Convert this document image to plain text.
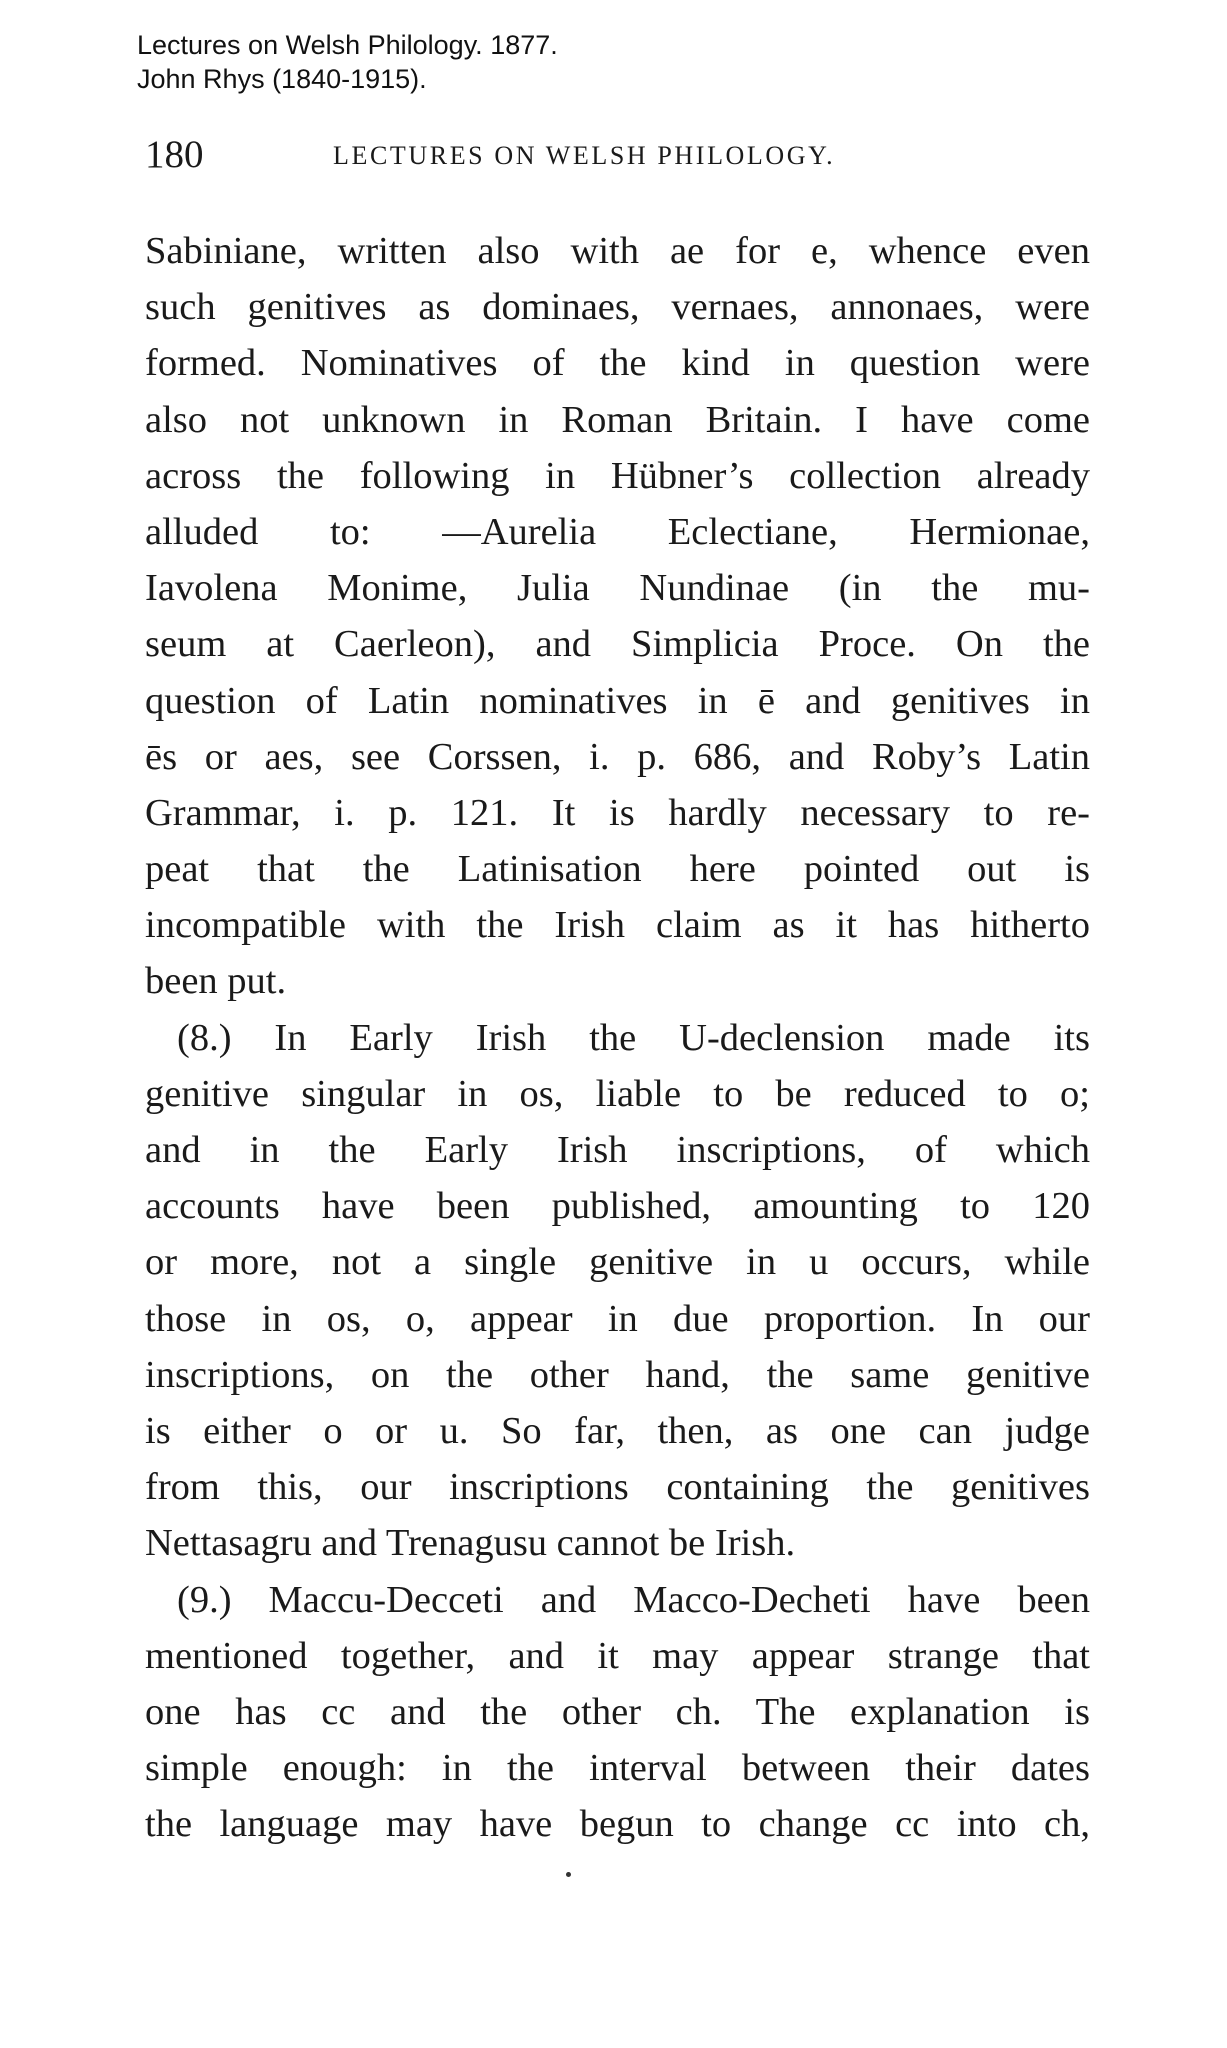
Lectures on Welsh Philology. 1877.
John Rhys (1840-1915).
180	LECTURES ON WELSH PHILOLOGY.
Sabiniane, written also with ae for e, whence even
such genitives as dominaes, vernaes, annonaes, were
formed. Nominatives of the kind in question were
also not unknown in Roman Britain. I have come
across the following in Hübner’s collection already
alluded to: —Aurelia Eclectiane, Hermionae,
Iavolena Monime, Julia Nundinae (in the mu-
seum at Caerleon), and Simplicia Proce. On the
question of Latin nominatives in ē and genitives in
ēs or aes, see Corssen, i. p. 686, and Roby’s Latin
Grammar, i. p. 121. It is hardly necessary to re-
peat that the Latinisation here pointed out is
incompatible with the Irish claim as it has hitherto
been put.
(8.) In Early Irish the U-declension made its
genitive singular in os, liable to be reduced to o;
and in the Early Irish inscriptions, of which
accounts have been published, amounting to 120
or more, not a single genitive in u occurs, while
those in os, o, appear in due proportion. In our
inscriptions, on the other hand, the same genitive
is either o or u. So far, then, as one can judge
from this, our inscriptions containing the genitives
Nettasagru and Trenagusu cannot be Irish.
(9.) Maccu-Decceti and Macco-Decheti have been
mentioned together, and it may appear strange that
one has cc and the other ch. The explanation is
simple enough: in the interval between their dates
the language may have begun to change cc into ch,
